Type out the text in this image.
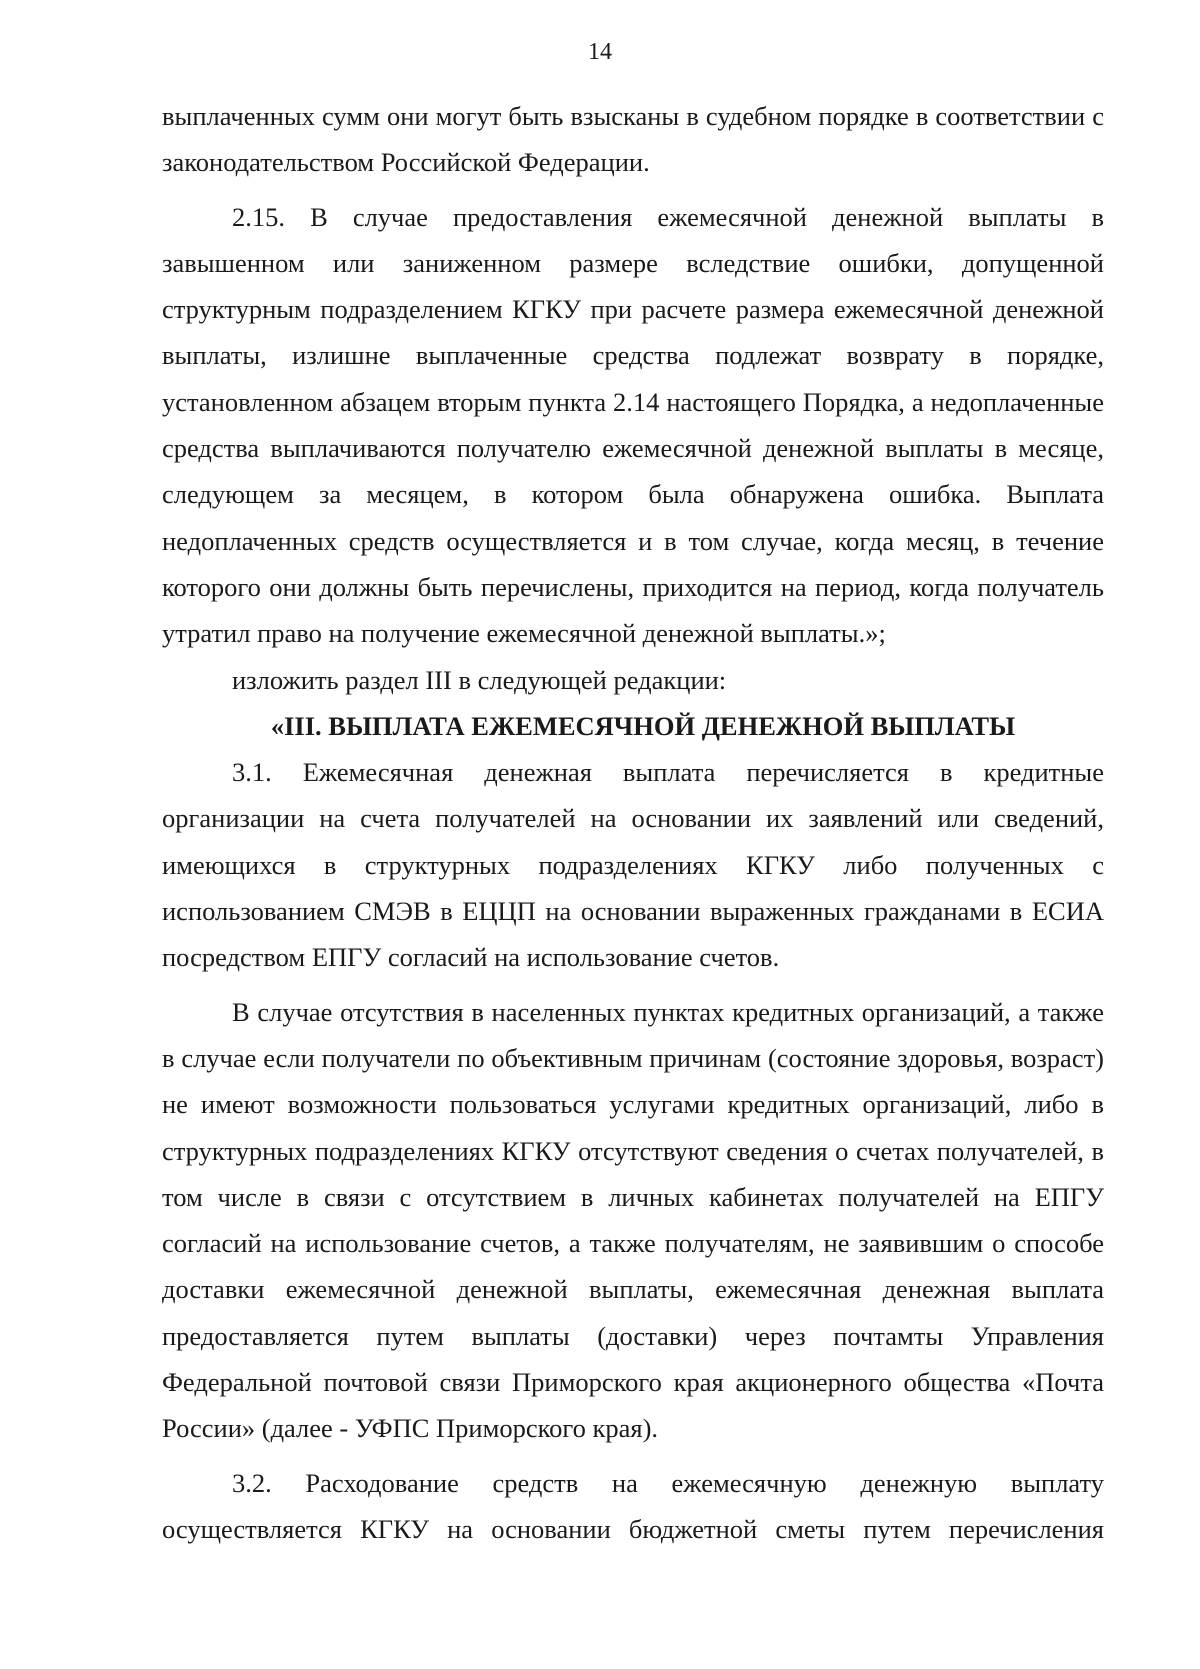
14

выплаченных сумм они могут быть взысканы в судебном порядке в соответствии с законодательством Российской Федерации.

2.15. В случае предоставления ежемесячной денежной выплаты в завышенном или заниженном размере вследствие ошибки, допущенной структурным подразделением КГКУ при расчете размера ежемесячной денежной выплаты, излишне выплаченные средства подлежат возврату в порядке, установленном абзацем вторым пункта 2.14 настоящего Порядка, а недоплаченные средства выплачиваются получателю ежемесячной денежной выплаты в месяце, следующем за месяцем, в котором была обнаружена ошибка. Выплата недоплаченных средств осуществляется и в том случае, когда месяц, в течение которого они должны быть перечислены, приходится на период, когда получатель утратил право на получение ежемесячной денежной выплаты.»;

изложить раздел III в следующей редакции:

«III. ВЫПЛАТА ЕЖЕМЕСЯЧНОЙ ДЕНЕЖНОЙ ВЫПЛАТЫ

3.1. Ежемесячная денежная выплата перечисляется в кредитные организации на счета получателей на основании их заявлений или сведений, имеющихся в структурных подразделениях КГКУ либо полученных с использованием СМЭВ в ЕЦЦП на основании выраженных гражданами в ЕСИА посредством ЕПГУ согласий на использование счетов.

В случае отсутствия в населенных пунктах кредитных организаций, а также в случае если получатели по объективным причинам (состояние здоровья, возраст) не имеют возможности пользоваться услугами кредитных организаций, либо в структурных подразделениях КГКУ отсутствуют сведения о счетах получателей, в том числе в связи с отсутствием в личных кабинетах получателей на ЕПГУ согласий на использование счетов, а также получателям, не заявившим о способе доставки ежемесячной денежной выплаты, ежемесячная денежная выплата предоставляется путем выплаты (доставки) через почтамты Управления Федеральной почтовой связи Приморского края акционерного общества «Почта России» (далее - УФПС Приморского края).

3.2. Расходование средств на ежемесячную денежную выплату осуществляется КГКУ на основании бюджетной сметы путем перечисления
